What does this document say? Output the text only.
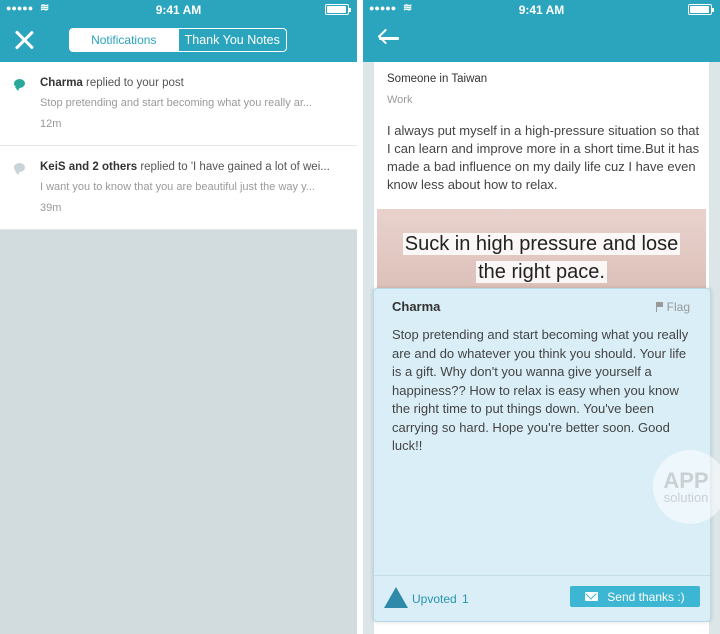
●●●●● ≋	9:41 AM
Notifications	Thank You Notes
Charma replied to your post
Stop pretending and start becoming what you really ar...
12m
KeiS and 2 others replied to 'I have gained a lot of wei...
I want you to know that you are beautiful just the way y...
39m
●●●●● ≋	9:41 AM
Someone in Taiwan
Work
I always put myself in a high-pressure situation so that I can learn and improve more in a short time.But it has made a bad influence on my daily life cuz I have even know less about how to relax.
Suck in high pressure and lose
the right pace.
Charma	Flag
Stop pretending and start becoming what you really are and do whatever you think you should. Your life is a gift. Why don't you wanna give yourself a happiness?? How to relax is easy when you know the right time to put things down. You've been carrying so hard. Hope you're better soon. Good luck!!
Upvoted 1	Send thanks :)
APP
solution
